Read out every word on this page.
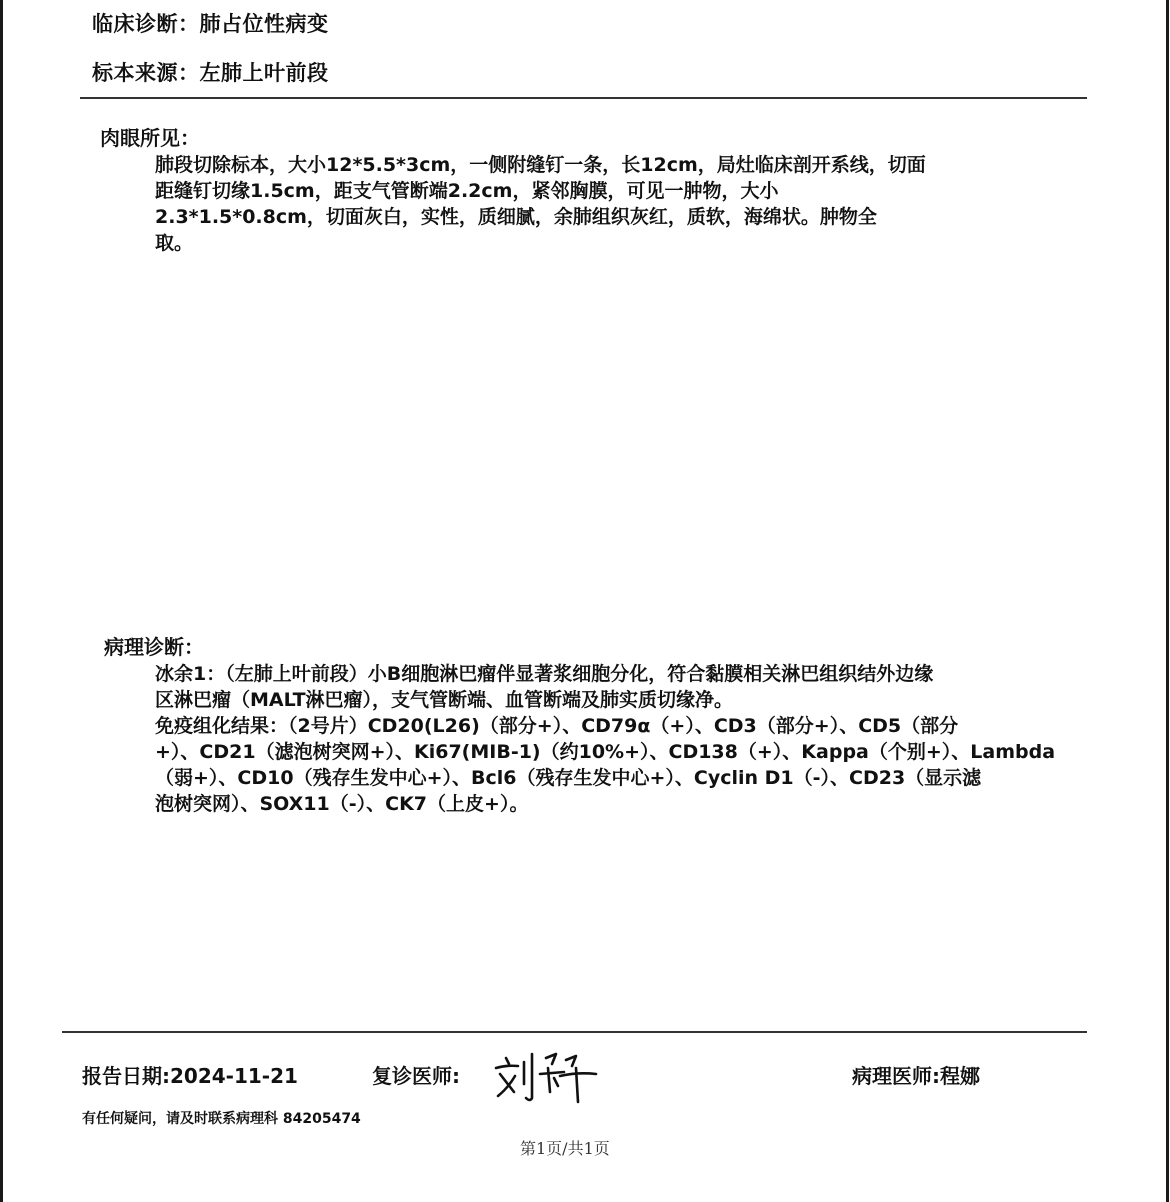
临床诊断：肺占位性病变
标本来源：左肺上叶前段
肉眼所见：

肺段切除标本，大小12*5.5*3cm，一侧附缝钉一条，长12cm，局灶临床剖开系线，切面

距缝钉切缘1.5cm，距支气管断端2.2cm，紧邻胸膜，可见一肿物，大小

2.3*1.5*0.8cm，切面灰白，实性，质细腻，余肺组织灰红，质软，海绵状。肿物全

取。

病理诊断：

冰余1：（左肺上叶前段）小B细胞淋巴瘤伴显著浆细胞分化，符合黏膜相关淋巴组织结外边缘

区淋巴瘤（MALT淋巴瘤），支气管断端、血管断端及肺实质切缘净。

免疫组化结果：（2号片）CD20(L26)（部分+）、CD79α（+）、CD3（部分+）、CD5（部分

+）、CD21（滤泡树突网+）、Ki67(MIB-1)（约10%+）、CD138（+）、Kappa（个别+）、Lambda

（弱+）、CD10（残存生发中心+）、Bcl6（残存生发中心+）、Cyclin D1（-）、CD23（显示滤

泡树突网）、SOX11（-）、CK7（上皮+）。

报告日期:2024-11-21	复诊医师:	病理医师:程娜
有任何疑问，请及时联系病理科 84205474
第1页/共1页
